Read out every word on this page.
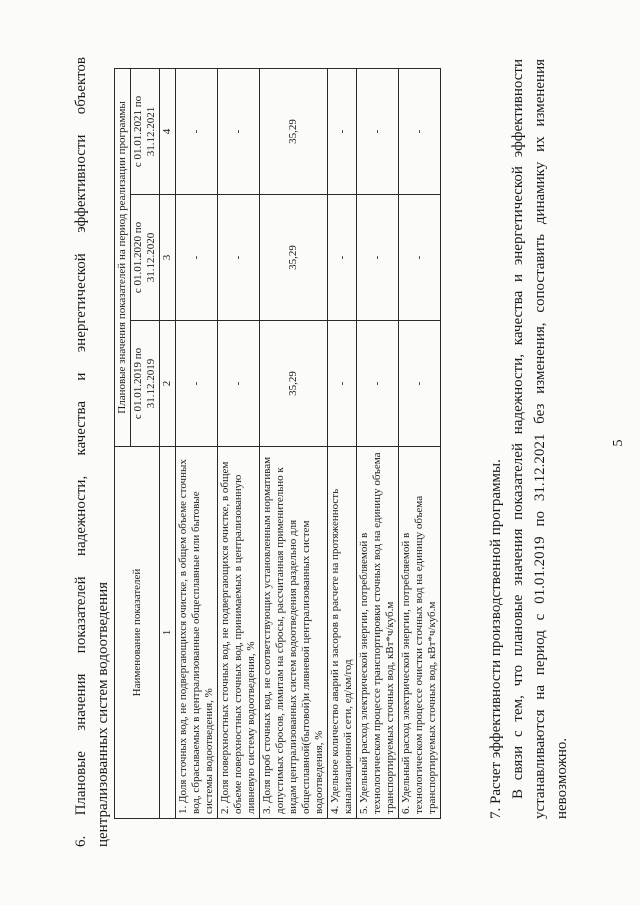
5
6. Плановые значения показателей надежности, качества и энергетической эффективности объектов централизованных систем водоотведения Наименование показателей	Плановые значения показателей на период реализации программы		
	с 01.01.2019 по 31.12.2019	с 01.01.2020 по 31.12.2020	с 01.01.2021 по 31.12.2021
1	2	3	4
1. Доля сточных вод, не подвергающихся очистке, в общем объеме сточных вод, сбрасываемых в централизованные общесплавные или бытовые системы водоотведения, %	-	-	-
2. Доля поверхностных сточных вод, не подвергающихся очистке, в общем объеме поверхностных сточных вод, принимаемых в централизованную ливневую систему водоотведения, %	-	-	-
3. Доля проб сточных вод, не соответствующих установленным нормативам допустимых сбросов, лимитам на сбросы, рассчитанная применительно к видам централизованных систем водоотведения раздельно для общесплавной(бытовой)и ливневой централизованных систем водоотведения, %	35,29	35,29	35,29
4. Удельное количество аварий и засоров в расчете на протяженность канализационной сети, ед/км/год	-	-	-
5. Удельный расход электрической энергии, потребляемой в технологическом процессе транспортировки сточных вод на единицу объема транспортируемых сточных вод, кВт*ч/куб.м	-	-	-
6. Удельный расход электрической энергии, потребляемой в технологическом процессе очистки сточных вод на единицу объема транспортируемых сточных вод, кВт*ч/куб.м	-	-	-
7. Расчет эффективности производственной программы. В связи с тем, что плановые значения показателей надежности, качества и энергетической эффективности устанавливаются на период с 01.01.2019 по 31.12.2021 без изменения, сопоставить динамику их изменения невозможно.
